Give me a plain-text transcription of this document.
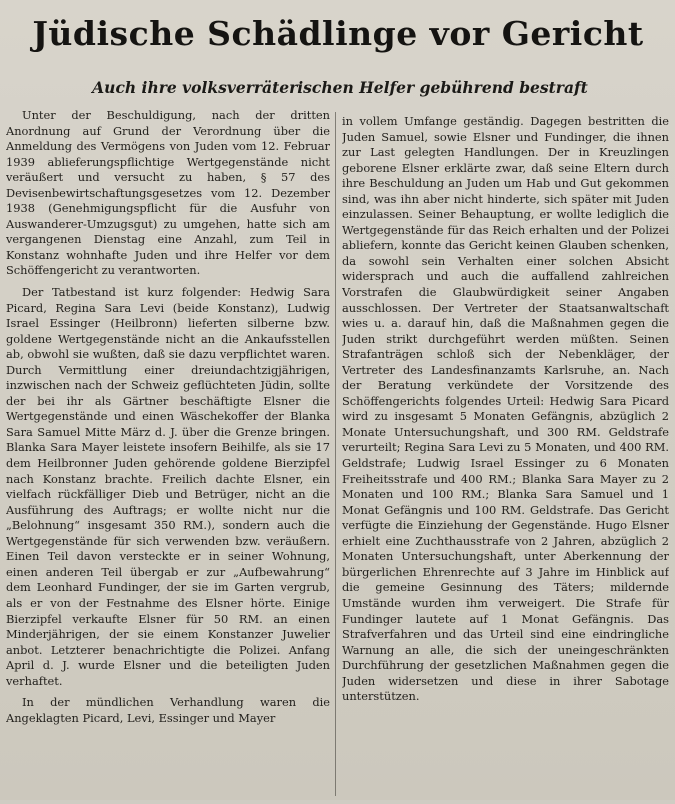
Jüdische Schädlinge vor Gericht
Auch ihre volksverräterischen Helfer gebührend bestraft

Unter der Beschuldigung, nach der dritten Anordnung auf Grund der Verordnung über die Anmeldung des Vermögens von Juden vom 12. Februar 1939 ablieferungspflichtige Wertgegenstände nicht veräußert und versucht zu haben, § 57 des Devisenbewirtschaftungsgesetzes vom 12. Dezember 1938 (Genehmigungspflicht für die Ausfuhr von Auswanderer-Umzugsgut) zu umgehen, hatte sich am vergangenen Dienstag eine Anzahl, zum Teil in Konstanz wohnhafte Juden und ihre Helfer vor dem Schöffengericht zu verantworten.

Der Tatbestand ist kurz folgender: Hedwig Sara Picard, Regina Sara Levi (beide Konstanz), Ludwig Israel Essinger (Heilbronn) lieferten silberne bzw. goldene Wertgegenstände nicht an die Ankaufsstellen ab, obwohl sie wußten, daß sie dazu verpflichtet waren. Durch Vermittlung einer dreiundachtzigjährigen, inzwischen nach der Schweiz geflüchteten Jüdin, sollte der bei ihr als Gärtner beschäftigte Elsner die Wertgegenstände und einen Wäschekoffer der Blanka Sara Samuel Mitte März d. J. über die Grenze bringen. Blanka Sara Mayer leistete insofern Beihilfe, als sie 17 dem Heilbronner Juden gehörende goldene Bierzipfel nach Konstanz brachte. Freilich dachte Elsner, ein vielfach rückfälliger Dieb und Betrüger, nicht an die Ausführung des Auftrags; er wollte nicht nur die „Belohnung“ insgesamt 350 RM.), sondern auch die Wertgegenstände für sich verwenden bzw. veräußern. Einen Teil davon versteckte er in seiner Wohnung, einen anderen Teil übergab er zur „Aufbewahrung“ dem Leonhard Fundinger, der sie im Garten vergrub, als er von der Festnahme des Elsner hörte. Einige Bierzipfel verkaufte Elsner für 50 RM. an einen Minderjährigen, der sie einem Konstanzer Juwelier anbot. Letzterer benachrichtigte die Polizei. Anfang April d. J. wurde Elsner und die beteiligten Juden verhaftet.

In der mündlichen Verhandlung waren die Angeklagten Picard, Levi, Essinger und Mayer

in vollem Umfange geständig. Dagegen bestritten die Juden Samuel, sowie Elsner und Fundinger, die ihnen zur Last gelegten Handlungen. Der in Kreuzlingen geborene Elsner erklärte zwar, daß seine Eltern durch ihre Beschuldung an Juden um Hab und Gut gekommen sind, was ihn aber nicht hinderte, sich später mit Juden einzulassen. Seiner Behauptung, er wollte lediglich die Wertgegenstände für das Reich erhalten und der Polizei abliefern, konnte das Gericht keinen Glauben schenken, da sowohl sein Verhalten einer solchen Absicht widersprach und auch die auffallend zahlreichen Vorstrafen die Glaubwürdigkeit seiner Angaben ausschlossen. Der Vertreter der Staatsanwaltschaft wies u. a. darauf hin, daß die Maßnahmen gegen die Juden strikt durchgeführt werden müßten. Seinen Strafanträgen schloß sich der Nebenkläger, der Vertreter des Landesfinanzamts Karlsruhe, an. Nach der Beratung verkündete der Vorsitzende des Schöffengerichts folgendes Urteil: Hedwig Sara Picard wird zu insgesamt 5 Monaten Gefängnis, abzüglich 2 Monate Untersuchungshaft, und 300 RM. Geldstrafe verurteilt; Regina Sara Levi zu 5 Monaten, und 400 RM. Geldstrafe; Ludwig Israel Essinger zu 6 Monaten Freiheitsstrafe und 400 RM.; Blanka Sara Mayer zu 2 Monaten und 100 RM.; Blanka Sara Samuel und 1 Monat Gefängnis und 100 RM. Geldstrafe. Das Gericht verfügte die Einziehung der Gegenstände. Hugo Elsner erhielt eine Zuchthausstrafe von 2 Jahren, abzüglich 2 Monaten Untersuchungshaft, unter Aberkennung der bürgerlichen Ehrenrechte auf 3 Jahre im Hinblick auf die gemeine Gesinnung des Täters; mildernde Umstände wurden ihm verweigert. Die Strafe für Fundinger lautete auf 1 Monat Gefängnis. Das Strafverfahren und das Urteil sind eine eindringliche Warnung an alle, die sich der uneingeschränkten Durchführung der gesetzlichen Maßnahmen gegen die Juden widersetzen und diese in ihrer Sabotage unterstützen.
